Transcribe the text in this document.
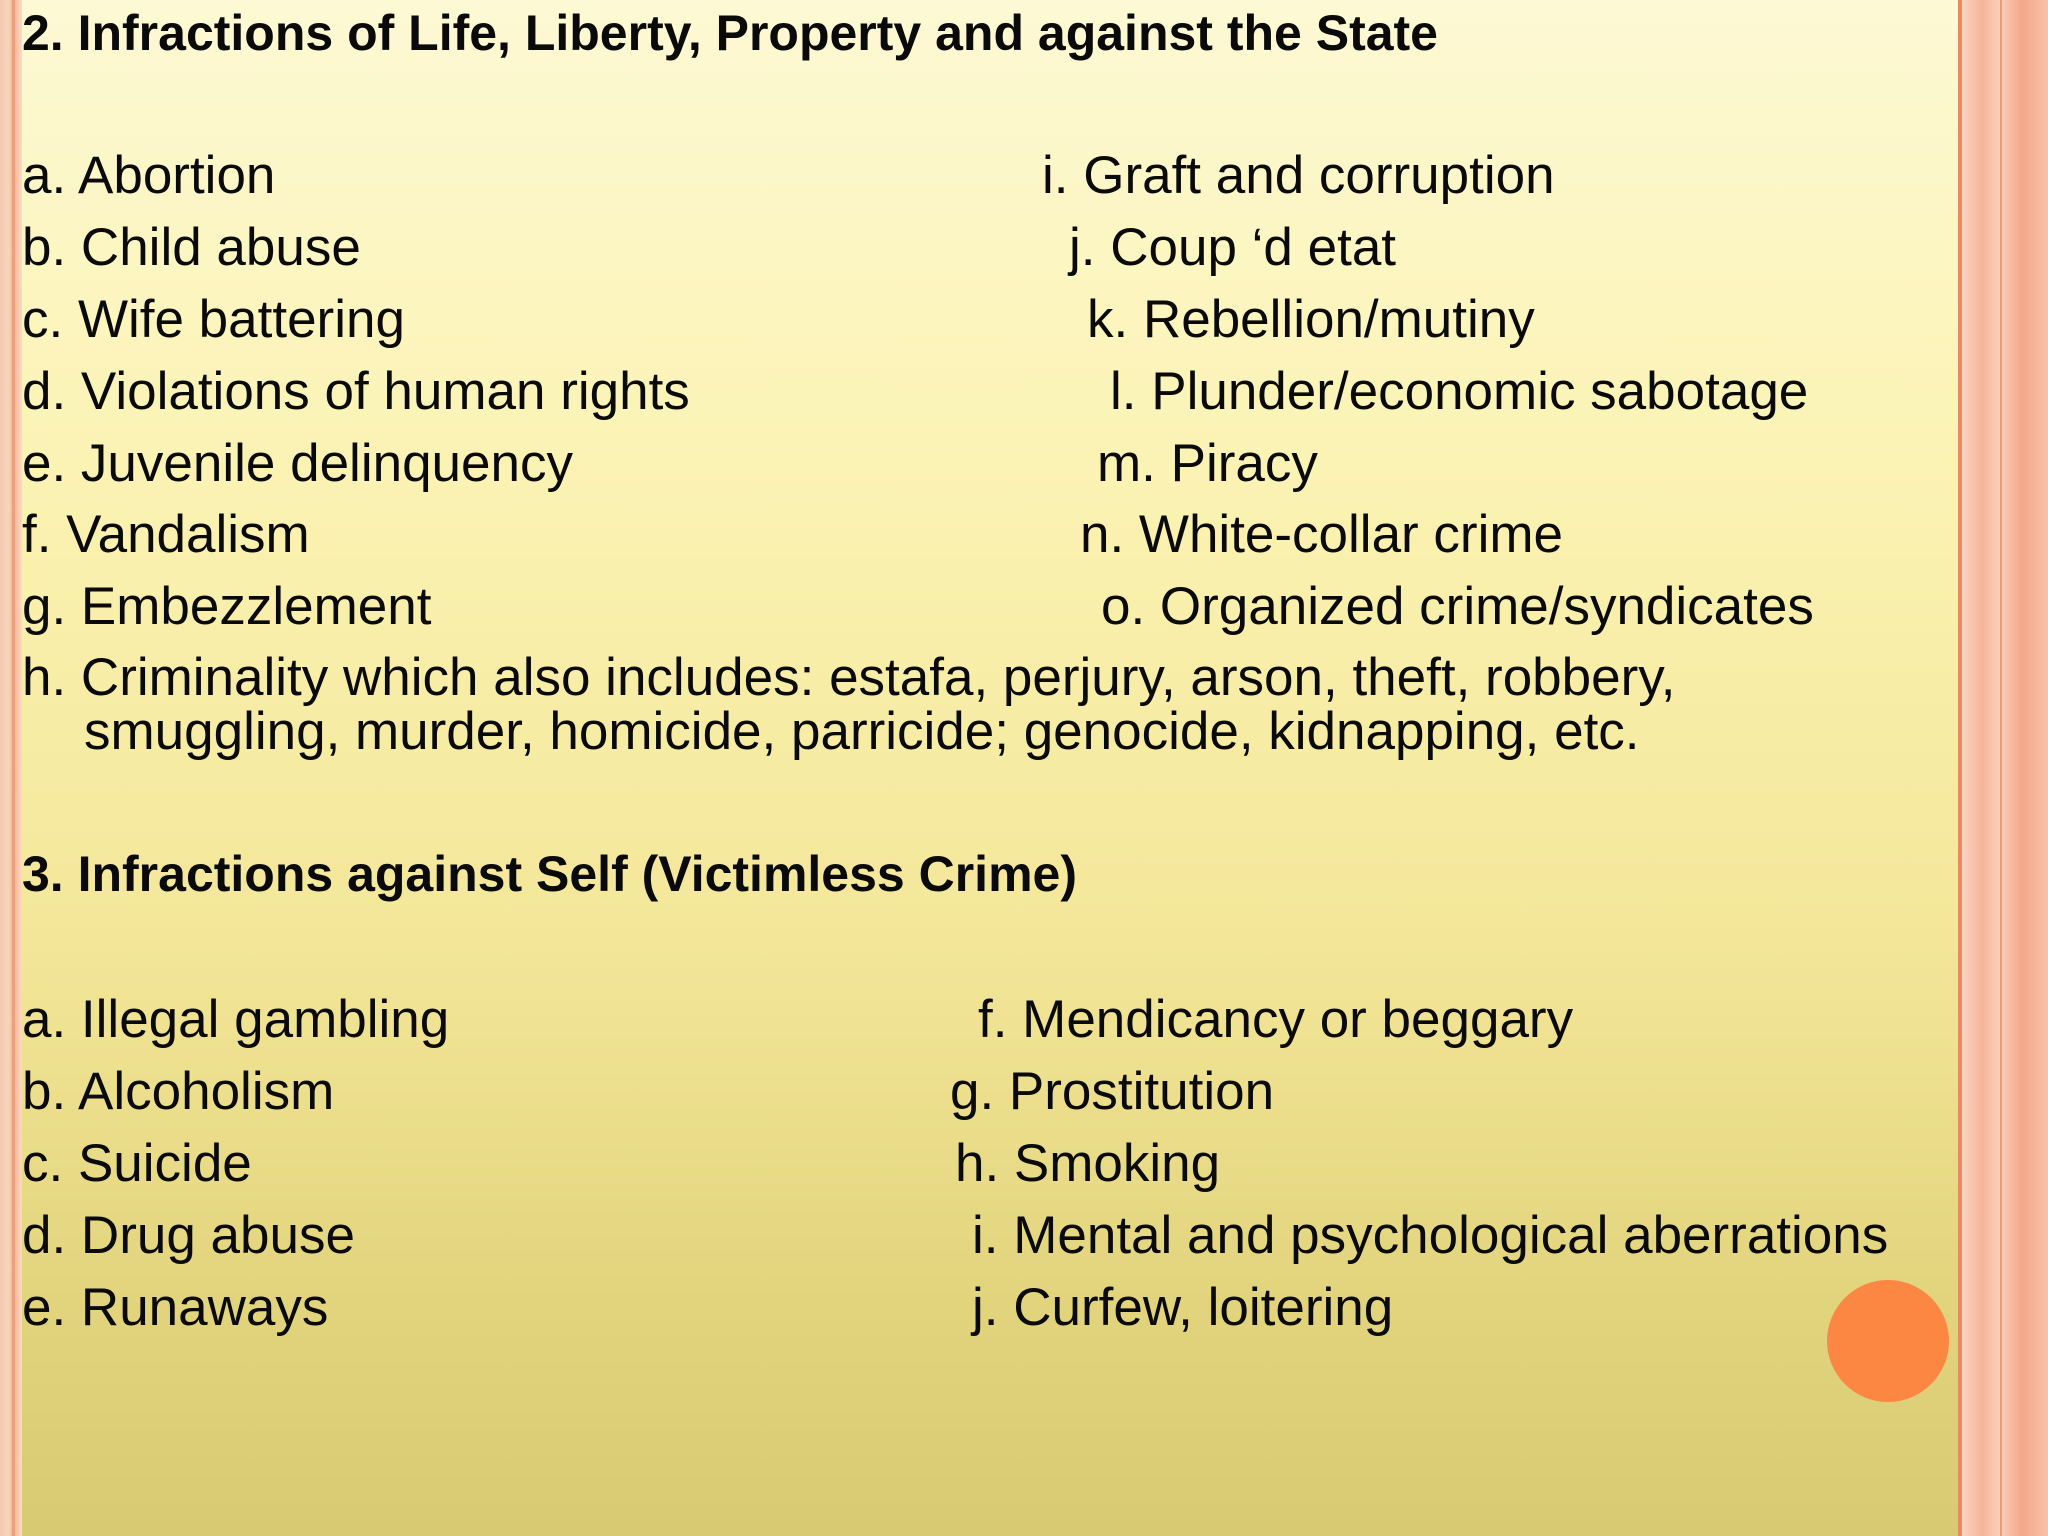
2. Infractions of Life, Liberty, Property and against the State
a. Abortion
b. Child abuse
c. Wife battering
d. Violations of human rights
e. Juvenile delinquency
f. Vandalism
g. Embezzlement
i. Graft and corruption
j. Coup ‘d etat
k. Rebellion/mutiny
l. Plunder/economic sabotage
m. Piracy
n. White-collar crime
o. Organized crime/syndicates
h. Criminality which also includes: estafa, perjury, arson, theft, robbery,
smuggling, murder, homicide, parricide; genocide, kidnapping, etc.
3. Infractions against Self (Victimless Crime)
a. Illegal gambling
b. Alcoholism
c. Suicide
d. Drug abuse
e. Runaways
f. Mendicancy or beggary
g. Prostitution
h. Smoking
i. Mental and psychological aberrations
j. Curfew, loitering
